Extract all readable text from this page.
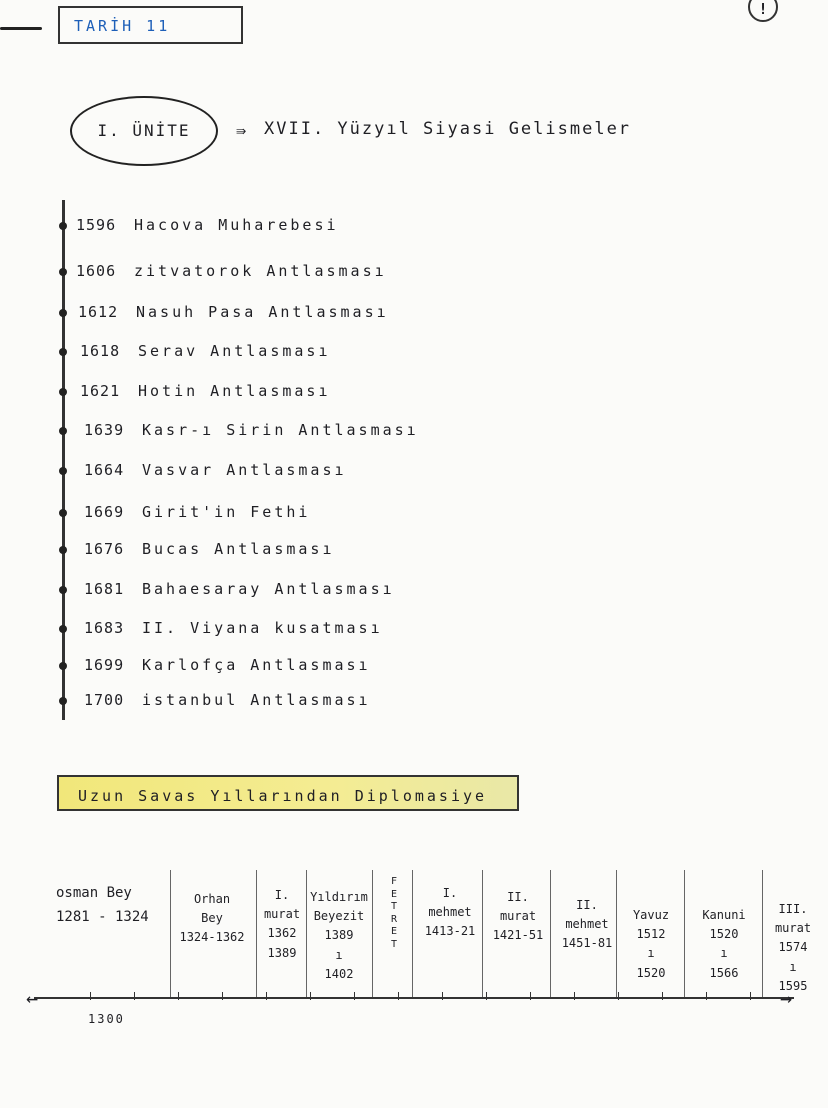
TARİH 11
!
I. ÜNİTE	⇛ XVII. Yüzyıl Siyasi Gelismeler
1596 Hacova Muharebesi
1606 zitvatorok Antlasması
1612 Nasuh Pasa Antlasması
1618 Serav Antlasması
1621 Hotin Antlasması
1639 Kasr-ı Sirin Antlasması
1664 Vasvar Antlasması
1669 Girit'in Fethi
1676 Bucas Antlasması
1681 Bahaesaray Antlasması
1683 II. Viyana kusatması
1699 Karlofça Antlasması
1700 istanbul Antlasması
Uzun Savas Yıllarından Diplomasiye
osman Bey
1281 - 1324
Orhan
Bey
1324-1362
I. murat
1362
1389
Yıldırım
Beyezit
1389
ı
1402
F
E
T
R
E
T
I.
mehmet
1413-21
II.
murat
1421-51
II.
mehmet
1451-81
Yavuz
1512
ı
1520
Kanuni
1520
ı
1566
III.
murat
1574
ı
1595
←	→
1300
